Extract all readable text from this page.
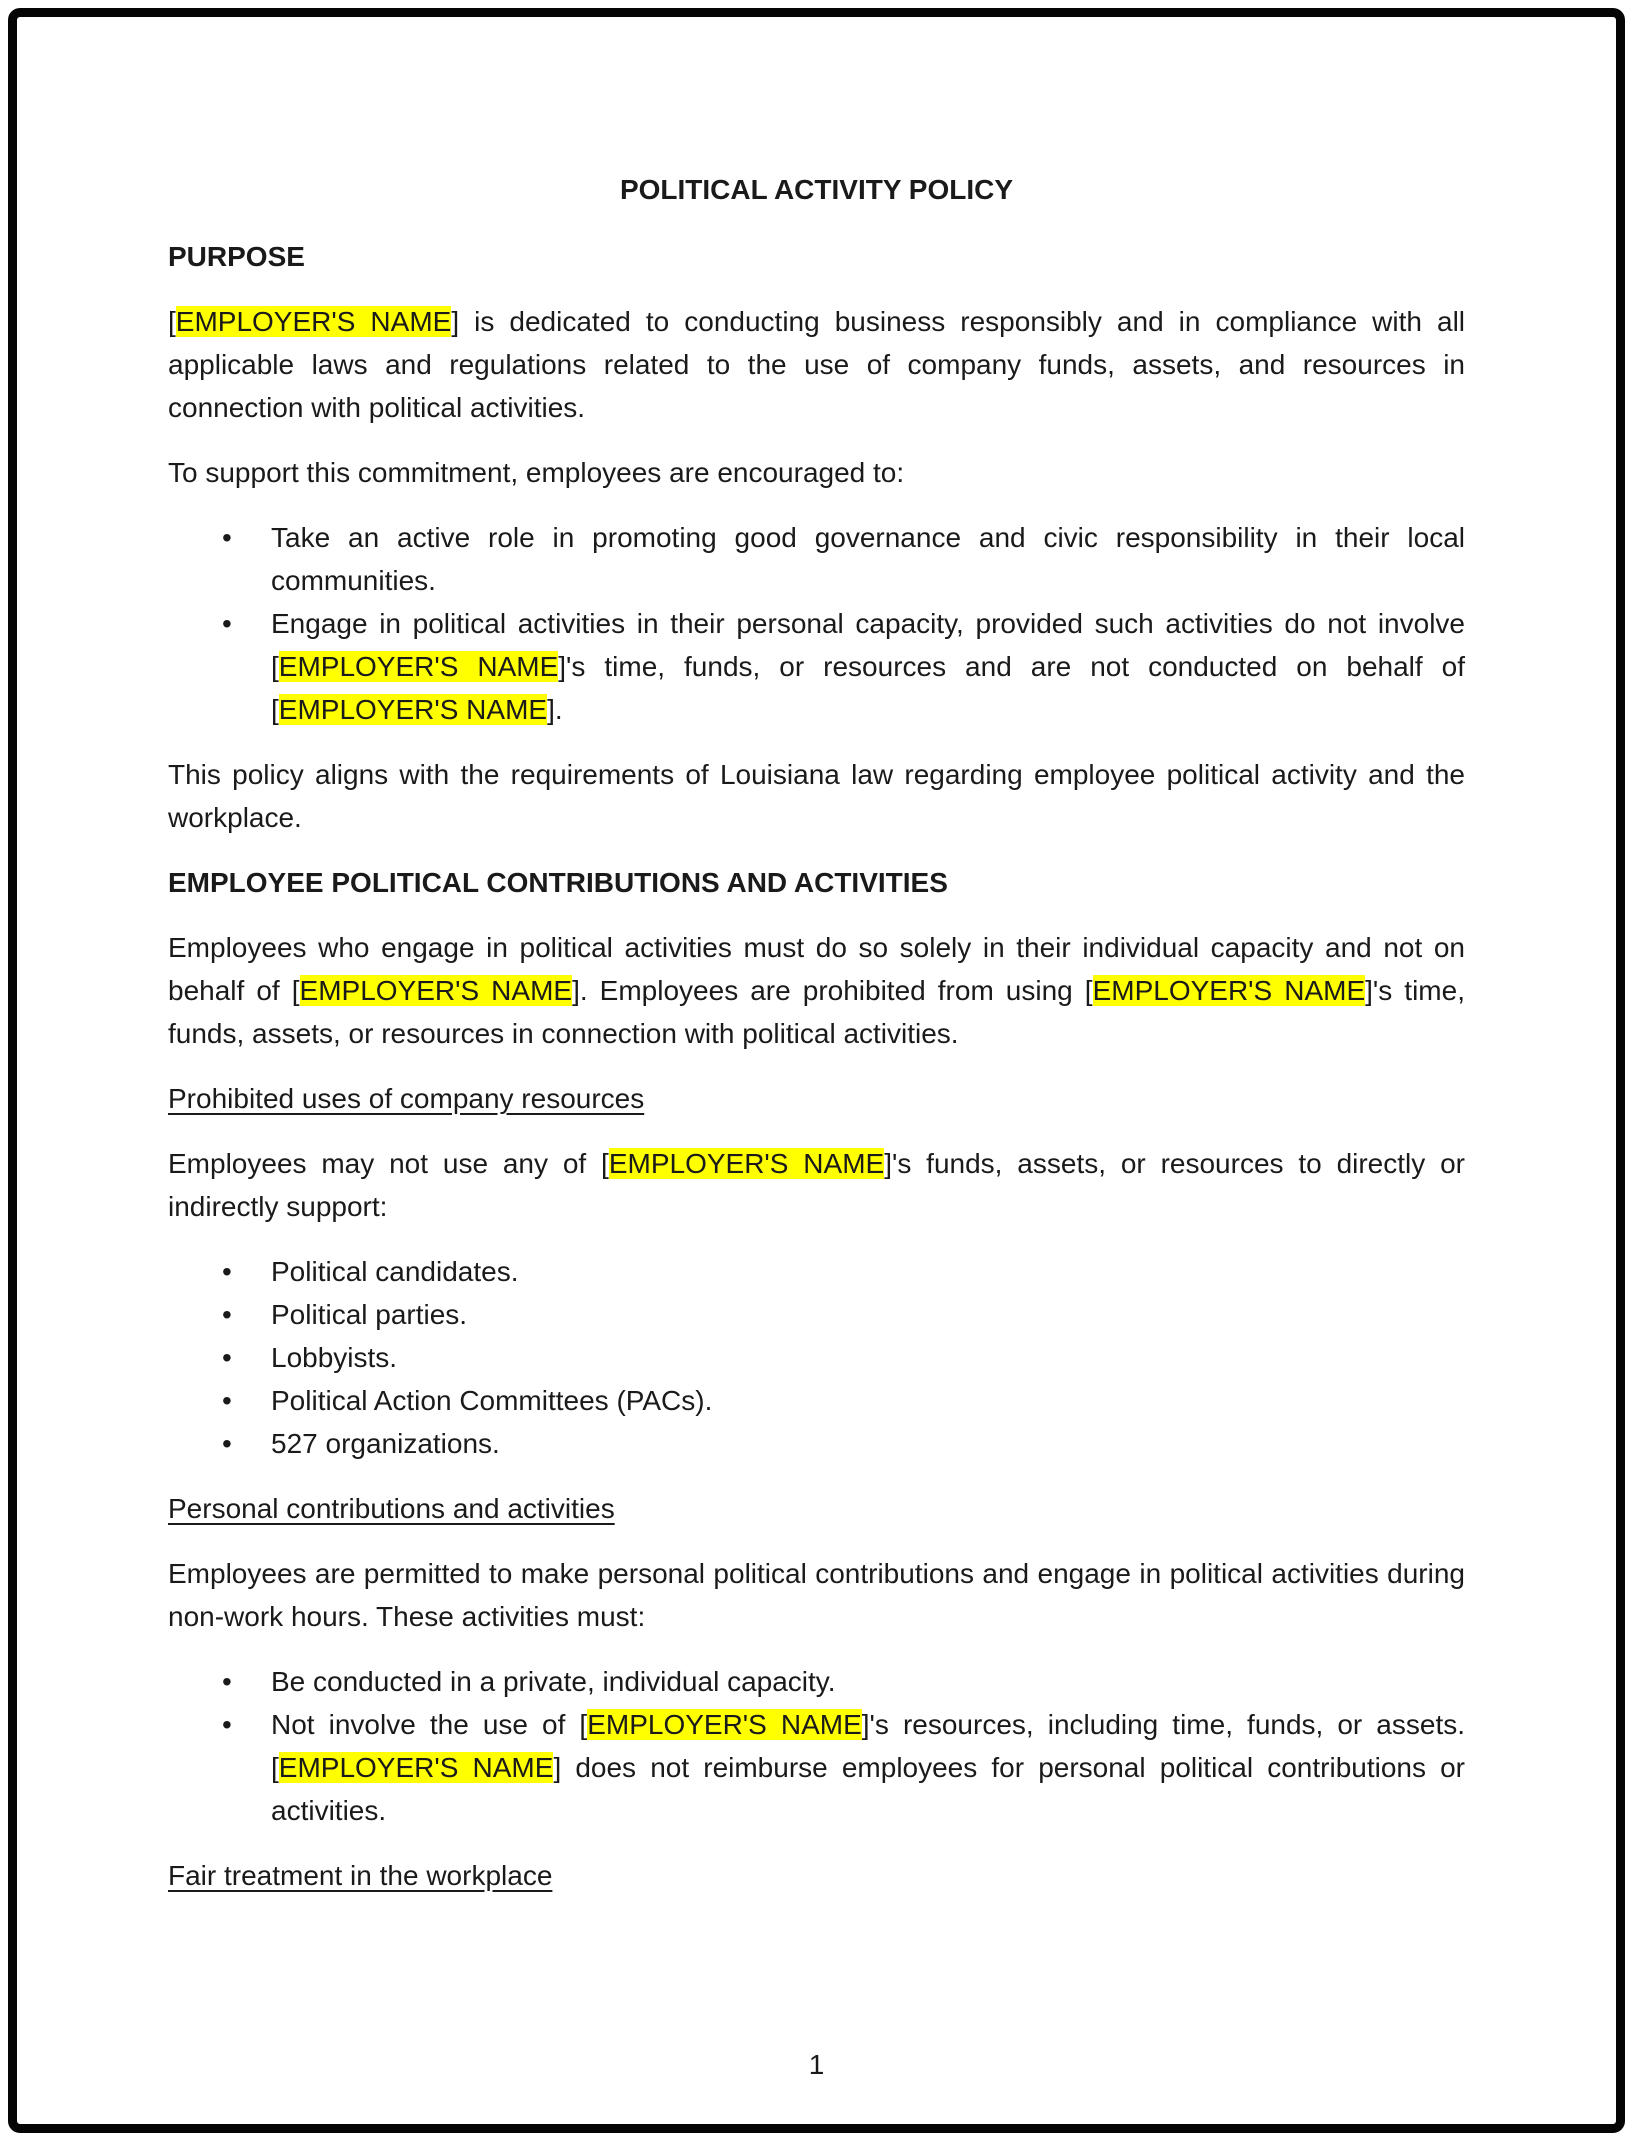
POLITICAL ACTIVITY POLICY
PURPOSE

[EMPLOYER'S NAME] is dedicated to conducting business responsibly and in compliance with all applicable laws and regulations related to the use of company funds, assets, and resources in connection with political activities.

To support this commitment, employees are encouraged to:

• Take an active role in promoting good governance and civic responsibility in their local communities.
• Engage in political activities in their personal capacity, provided such activities do not involve [EMPLOYER'S NAME]'s time, funds, or resources and are not conducted on behalf of [EMPLOYER'S NAME].

This policy aligns with the requirements of Louisiana law regarding employee political activity and the workplace.

EMPLOYEE POLITICAL CONTRIBUTIONS AND ACTIVITIES

Employees who engage in political activities must do so solely in their individual capacity and not on behalf of [EMPLOYER'S NAME]. Employees are prohibited from using [EMPLOYER'S NAME]'s time, funds, assets, or resources in connection with political activities.

Prohibited uses of company resources

Employees may not use any of [EMPLOYER'S NAME]'s funds, assets, or resources to directly or indirectly support:

• Political candidates.
• Political parties.
• Lobbyists.
• Political Action Committees (PACs).
• 527 organizations.
Personal contributions and activities

Employees are permitted to make personal political contributions and engage in political activities during non-work hours. These activities must:

• Be conducted in a private, individual capacity.
• Not involve the use of [EMPLOYER'S NAME]'s resources, including time, funds, or assets. [EMPLOYER'S NAME] does not reimburse employees for personal political contributions or activities.
Fair treatment in the workplace
1
